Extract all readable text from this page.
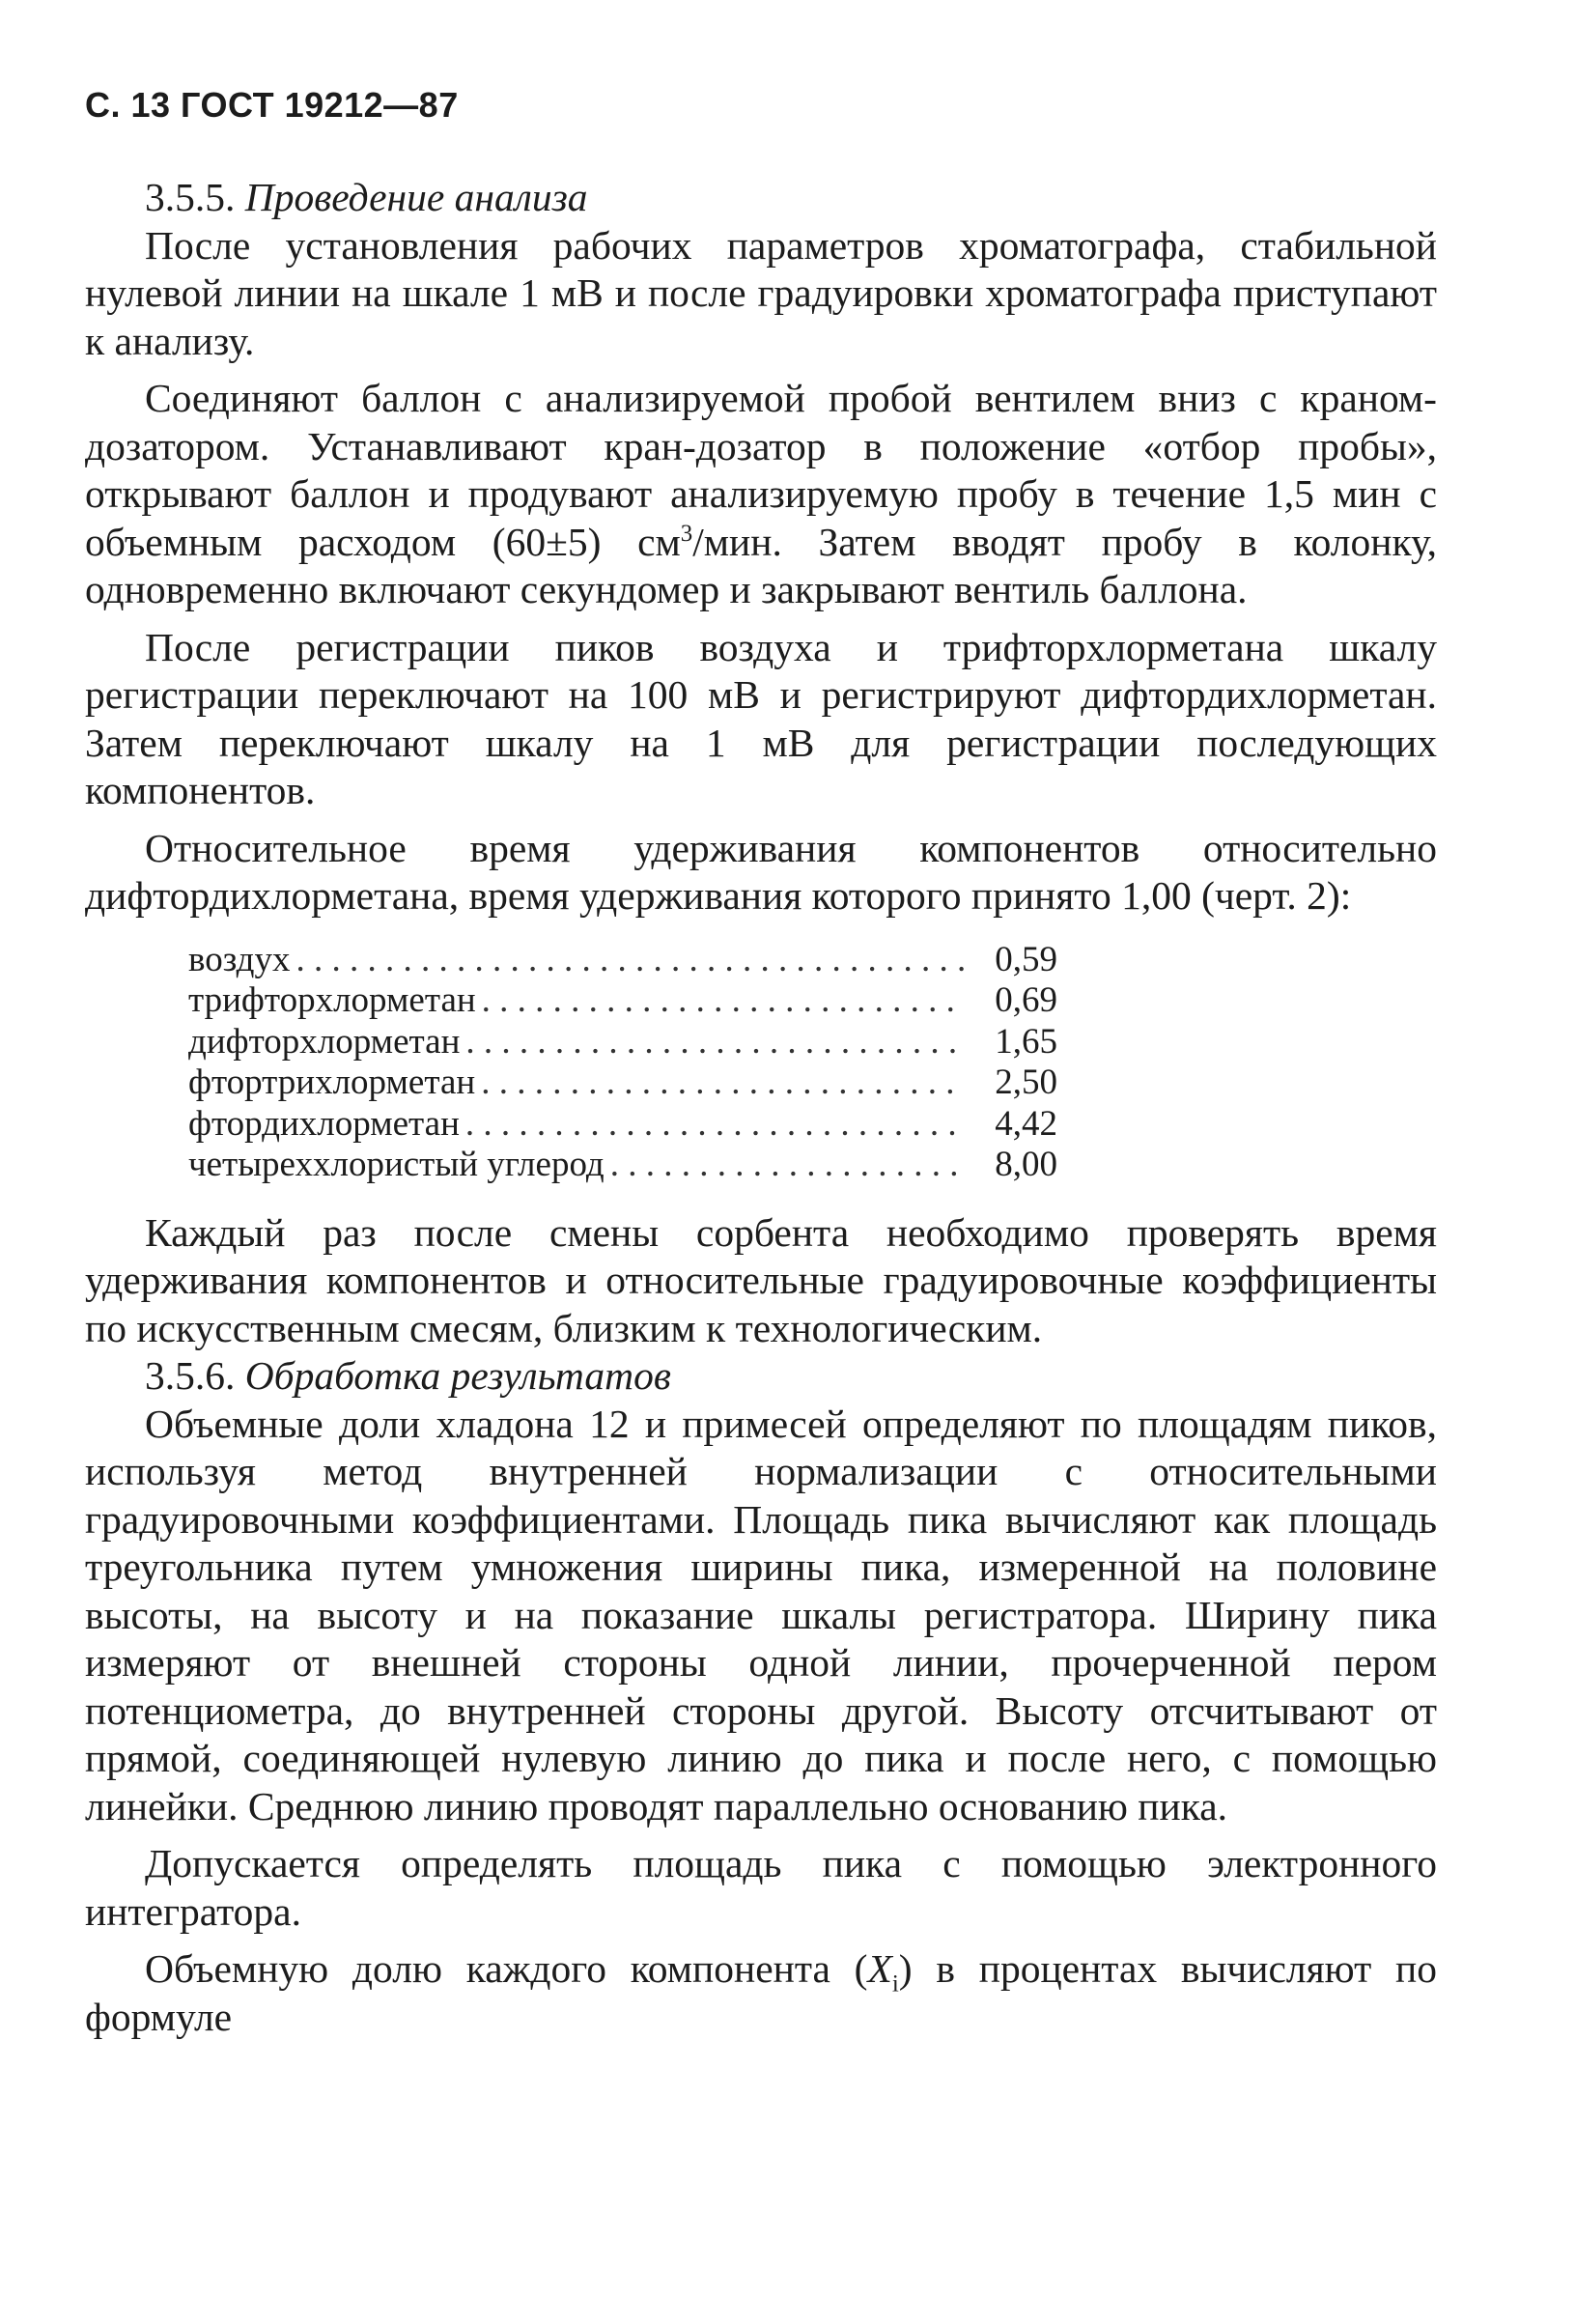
С. 13 ГОСТ 19212—87

3.5.5. Проведение анализа

После установления рабочих параметров хроматографа, стабильной нулевой линии на шкале 1 мВ и после градуировки хроматографа приступают к анализу.

Соединяют баллон с анализируемой пробой вентилем вниз с краном-дозатором. Устанавливают кран-дозатор в положение «отбор пробы», открывают баллон и продувают анализируемую пробу в течение 1,5 мин с объемным расходом (60±5) $см^3$/мин. Затем вводят пробу в колонку, одновременно включают секундомер и закрывают вентиль баллона.

После регистрации пиков воздуха и трифторхлорметана шкалу регистрации переключают на 100 мВ и регистрируют дифтордихлорметан. Затем переключают шкалу на 1 мВ для регистрации последующих компонентов.

Относительное время удерживания компонентов относительно дифтордихлорметана, время удерживания которого принято 1,00 (черт. 2):

воздух . . .	0,59
трифторхлорметан . . .	0,69
дифторхлорметан . . .	1,65
фтортрихлорметан . . .	2,50
фтордихлорметан . . .	4,42
четыреххлористый углерод . . .	8,00

Каждый раз после смены сорбента необходимо проверять время удерживания компонентов и относительные градуировочные коэффициенты по искусственным смесям, близким к технологическим.

3.5.6. Обработка результатов

Объемные доли хладона 12 и примесей определяют по площадям пиков, используя метод внутренней нормализации с относительными градуировочными коэффициентами. Площадь пика вычисляют как площадь треугольника путем умножения ширины пика, измеренной на половине высоты, на высоту и на показание шкалы регистратора. Ширину пика измеряют от внешней стороны одной линии, прочерченной пером потенциометра, до внутренней стороны другой. Высоту отсчитывают от прямой, соединяющей нулевую линию до пика и после него, с помощью линейки. Среднюю линию проводят параллельно основанию пика.

Допускается определять площадь пика с помощью электронного интегратора.

Объемную долю каждого компонента $(X_i)$ в процентах вычисляют по формуле
